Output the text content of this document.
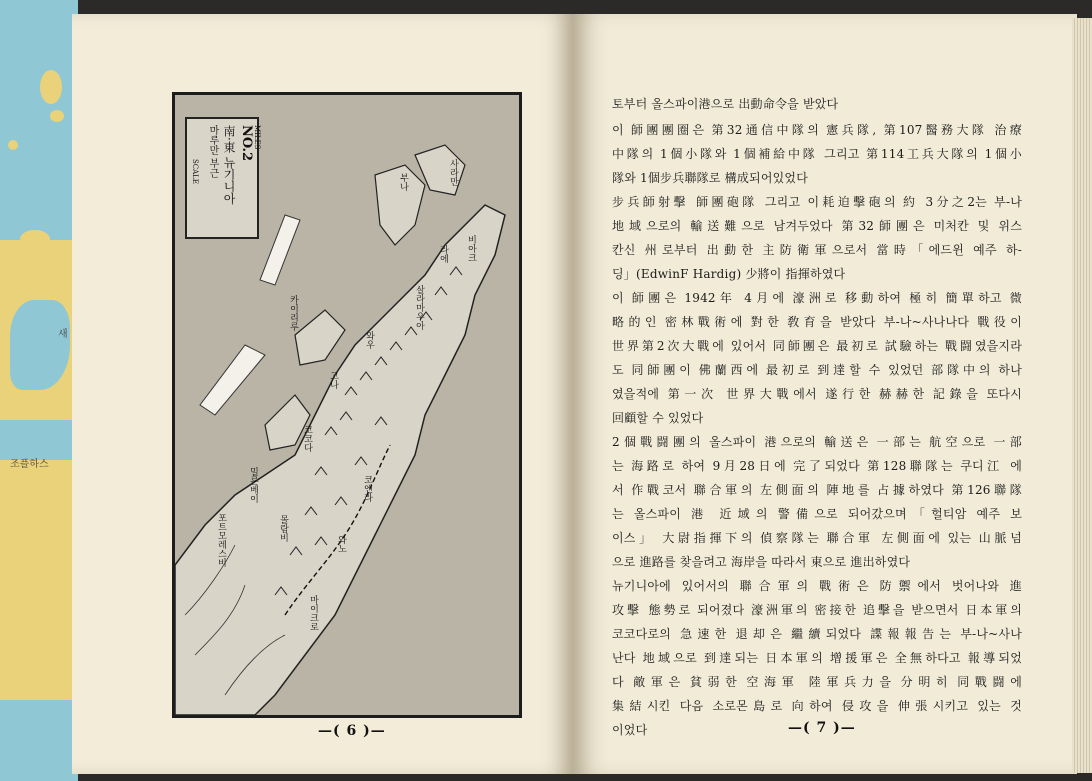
새
조플하스
NO.2
南‧東 뉴기니아
마루만 부근
SCALE
MILES
부나	사라만
라에
살라마우아
와우
고나
코코다
포트모레스비
밀른베이
카이리루
몰람비
와노
마이크로
코엔라
비아크
—( 6 )—
토부터 올스파이港으로 出動命令을 받았다
이 師團團圈은 第32通信中隊의 憲兵隊, 第107醫務大隊 治療
中隊의 1個小隊와 1個補給中隊 그리고 第114工兵大隊의 1個小
隊와 1個步兵聯隊로 構成되어있었다
步兵師射擊 師團砲隊 그리고 이耗迫擊砲의 約 3分之2는 부-나
地域으로의 輸送難으로 남겨두었다 第32師團은 미처칸 및 위스
칸신 州로부터 出動한 主防衛軍으로서 當時「에드윈 예주 하-
딩」(EdwinF Hardig) 少將이 指揮하였다
이 師團은 1942年 4月에 濠洲로 移動하여 極히 簡單하고 微
略的인 密林戰術에 對한 敎育을 받았다 부-나~사나나다 戰役이
世界第2次大戰에 있어서 同師團은 最初로 試驗하는 戰闘였을지라
도 同師團이 佛蘭西에 最初로 到達할 수 있었던 部隊中의 하나
였을적에 第一次 世界大戰에서 遂行한 赫赫한 記錄을 또다시
回顧할 수 있었다
2個戰闘團의 올스파이 港으로의 輸送은 一部는 航空으로 一部
는 海路로 하여 9月28日에 完了되었다 第128聯隊는 쿠디江 에
서 作戰코서 聯合軍의 左側面의 陣地를 占據하였다 第126聯隊
는 올스파이 港 近域의 警備으로 되어갔으며「헐티암 예주 보
이스」 大尉指揮下의 偵察隊는 聯合軍 左側面에 있는 山脈넘
으로 進路를 찾을려고 海岸을 따라서 東으로 進出하였다
뉴기니아에 있어서의 聯合軍의 戰術은 防禦에서 벗어나와 進
攻擊 態勢로 되어졌다 濠洲軍의 密接한 追擊을 받으면서 日本軍의
코코다로의 急速한 退却은 繼續되었다 諜報報告는 부-나~사나
난다 地域으로 到達되는 日本軍의 增援軍은 全無하다고 報導되었
다 敵軍은 貧弱한 空海軍 陸軍兵力을 分明히 同戰闘에
集結시킨 다음 소로몬島로 向하여 侵攻을 伸張시키고 있는 것
이었다	—( 7 )—
